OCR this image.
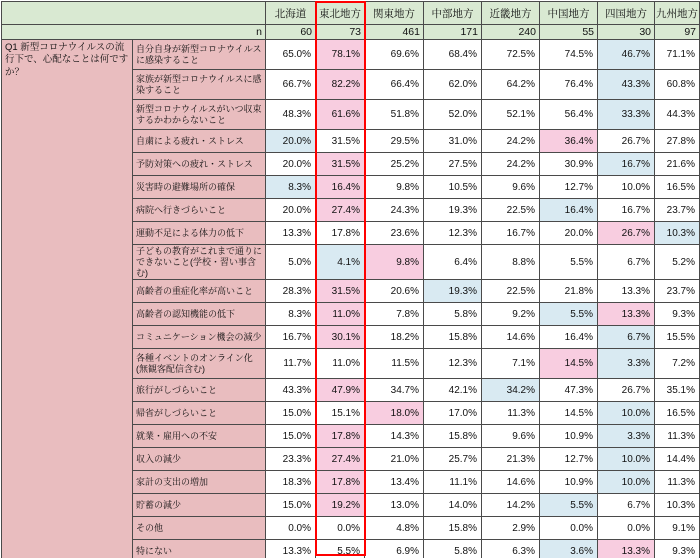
		北海道	東北地方	関東地方	中部地方	近畿地方	中国地方	四国地方	九州地方
n		60	73	461	171	240	55	30	97
Q1 新型コロナウイルスの流行下で、心配なことは何ですか？	自分自身が新型コロナウイルスに感染すること	65.0%	78.1%	69.6%	68.4%	72.5%	74.5%	46.7%	71.1%
	家族が新型コロナウイルスに感染すること	66.7%	82.2%	66.4%	62.0%	64.2%	76.4%	43.3%	60.8%
	新型コロナウイルスがいつ収束するかわからないこと	48.3%	61.6%	51.8%	52.0%	52.1%	56.4%	33.3%	44.3%
	自粛による疲れ・ストレス	20.0%	31.5%	29.5%	31.0%	24.2%	36.4%	26.7%	27.8%
	予防対策への疲れ・ストレス	20.0%	31.5%	25.2%	27.5%	24.2%	30.9%	16.7%	21.6%
	災害時の避難場所の確保	8.3%	16.4%	9.8%	10.5%	9.6%	12.7%	10.0%	16.5%
	病院へ行きづらいこと	20.0%	27.4%	24.3%	19.3%	22.5%	16.4%	16.7%	23.7%
	運動不足による体力の低下	13.3%	17.8%	23.6%	12.3%	16.7%	20.0%	26.7%	10.3%
	子どもの教育がこれまで通りにできないこと(学校・習い事含む)	5.0%	4.1%	9.8%	6.4%	8.8%	5.5%	6.7%	5.2%
	高齢者の重症化率が高いこと	28.3%	31.5%	20.6%	19.3%	22.5%	21.8%	13.3%	23.7%
	高齢者の認知機能の低下	8.3%	11.0%	7.8%	5.8%	9.2%	5.5%	13.3%	9.3%
	コミュニケーション機会の減少	16.7%	30.1%	18.2%	15.8%	14.6%	16.4%	6.7%	15.5%
	各種イベントのオンライン化(無観客配信含む)	11.7%	11.0%	11.5%	12.3%	7.1%	14.5%	3.3%	7.2%
	旅行がしづらいこと	43.3%	47.9%	34.7%	42.1%	34.2%	47.3%	26.7%	35.1%
	帰省がしづらいこと	15.0%	15.1%	18.0%	17.0%	11.3%	14.5%	10.0%	16.5%
	就業・雇用への不安	15.0%	17.8%	14.3%	15.8%	9.6%	10.9%	3.3%	11.3%
	収入の減少	23.3%	27.4%	21.0%	25.7%	21.3%	12.7%	10.0%	14.4%
	家計の支出の増加	18.3%	17.8%	13.4%	11.1%	14.6%	10.9%	10.0%	11.3%
	貯蓄の減少	15.0%	19.2%	13.0%	14.0%	14.2%	5.5%	6.7%	10.3%
	その他	0.0%	0.0%	4.8%	15.8%	2.9%	0.0%	0.0%	9.1%
	特にない	13.3%	5.5%	6.9%	5.8%	6.3%	3.6%	13.3%	9.3%
